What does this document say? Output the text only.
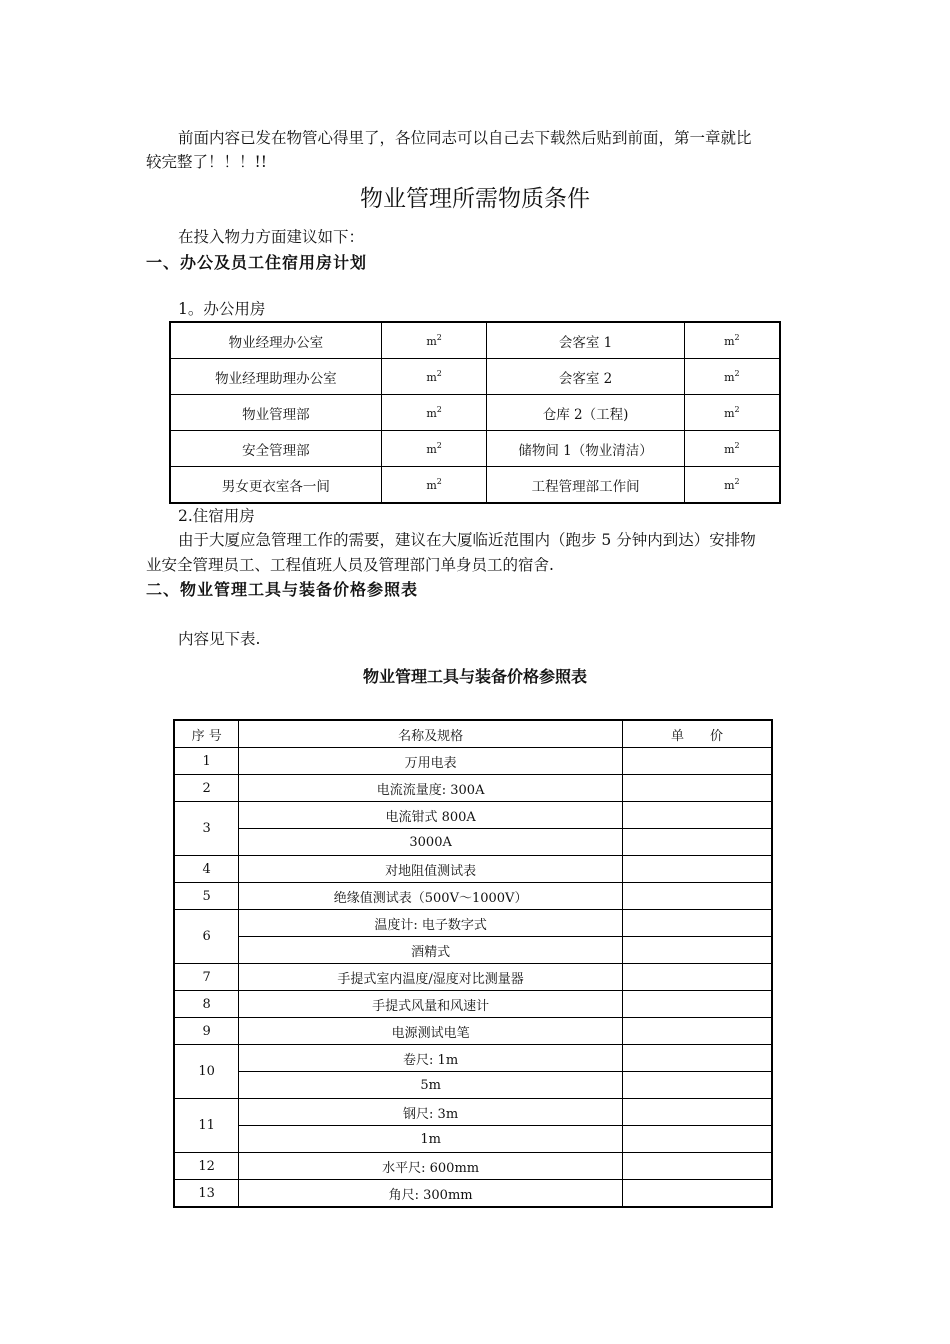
前面内容已发在物管心得里了，各位同志可以自己去下载然后贴到前面，第一章就比
较完整了！！！!!
物业管理所需物质条件
在投入物力方面建议如下：
一、办公及员工住宿用房计划
1。办公用房
物业经理办公室	$m^2$	会客室 1	$m^2$
物业经理助理办公室	$m^2$	会客室 2	$m^2$
物业管理部	$m^2$	仓库 2（工程)	$m^2$
安全管理部	$m^2$	储物间 1（物业清洁）	$m^2$
男女更衣室各一间	$m^2$	工程管理部工作间	$m^2$
2.住宿用房
由于大厦应急管理工作的需要，建议在大厦临近范围内（跑步 5 分钟内到达）安排物
业安全管理员工、工程值班人员及管理部门单身员工的宿舍.
二、物业管理工具与装备价格参照表
内容见下表.
物业管理工具与装备价格参照表
序 号	名称及规格	单　　价
1	万用电表	
2	电流流量度: 300A	
3	电流钳式 800A	
	3000A	
4	对地阻值测试表	
5	绝缘值测试表（500V～1000V）	
6	温度计: 电子数字式	
	酒精式	
7	手提式室内温度/湿度对比测量器	
8	手提式风量和风速计	
9	电源测试电笔	
10	卷尺: 1m	
	5m	
11	钢尺: 3m	
	1m	
12	水平尺: 600mm	
13	角尺: 300mm	
